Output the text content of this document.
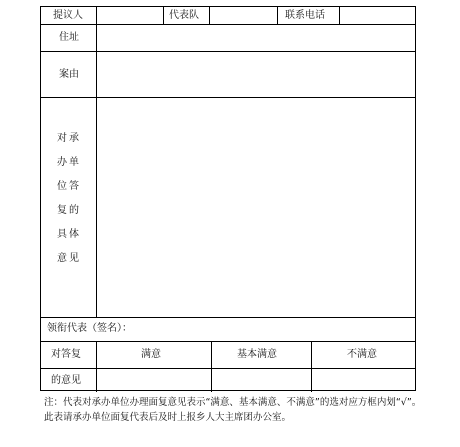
提议人	代表队	联系电话
住址
案由
对承
办单
位答
复的
具体
意见
领衔代表（签名）：
对答复
的意见
满意	基本满意	不满意
注：代表对承办单位办理面复意见表示“满意、基本满意、不满意”的选对应方框内划“√”。此表请承办单位面复代表后及时上报乡人大主席团办公室。
